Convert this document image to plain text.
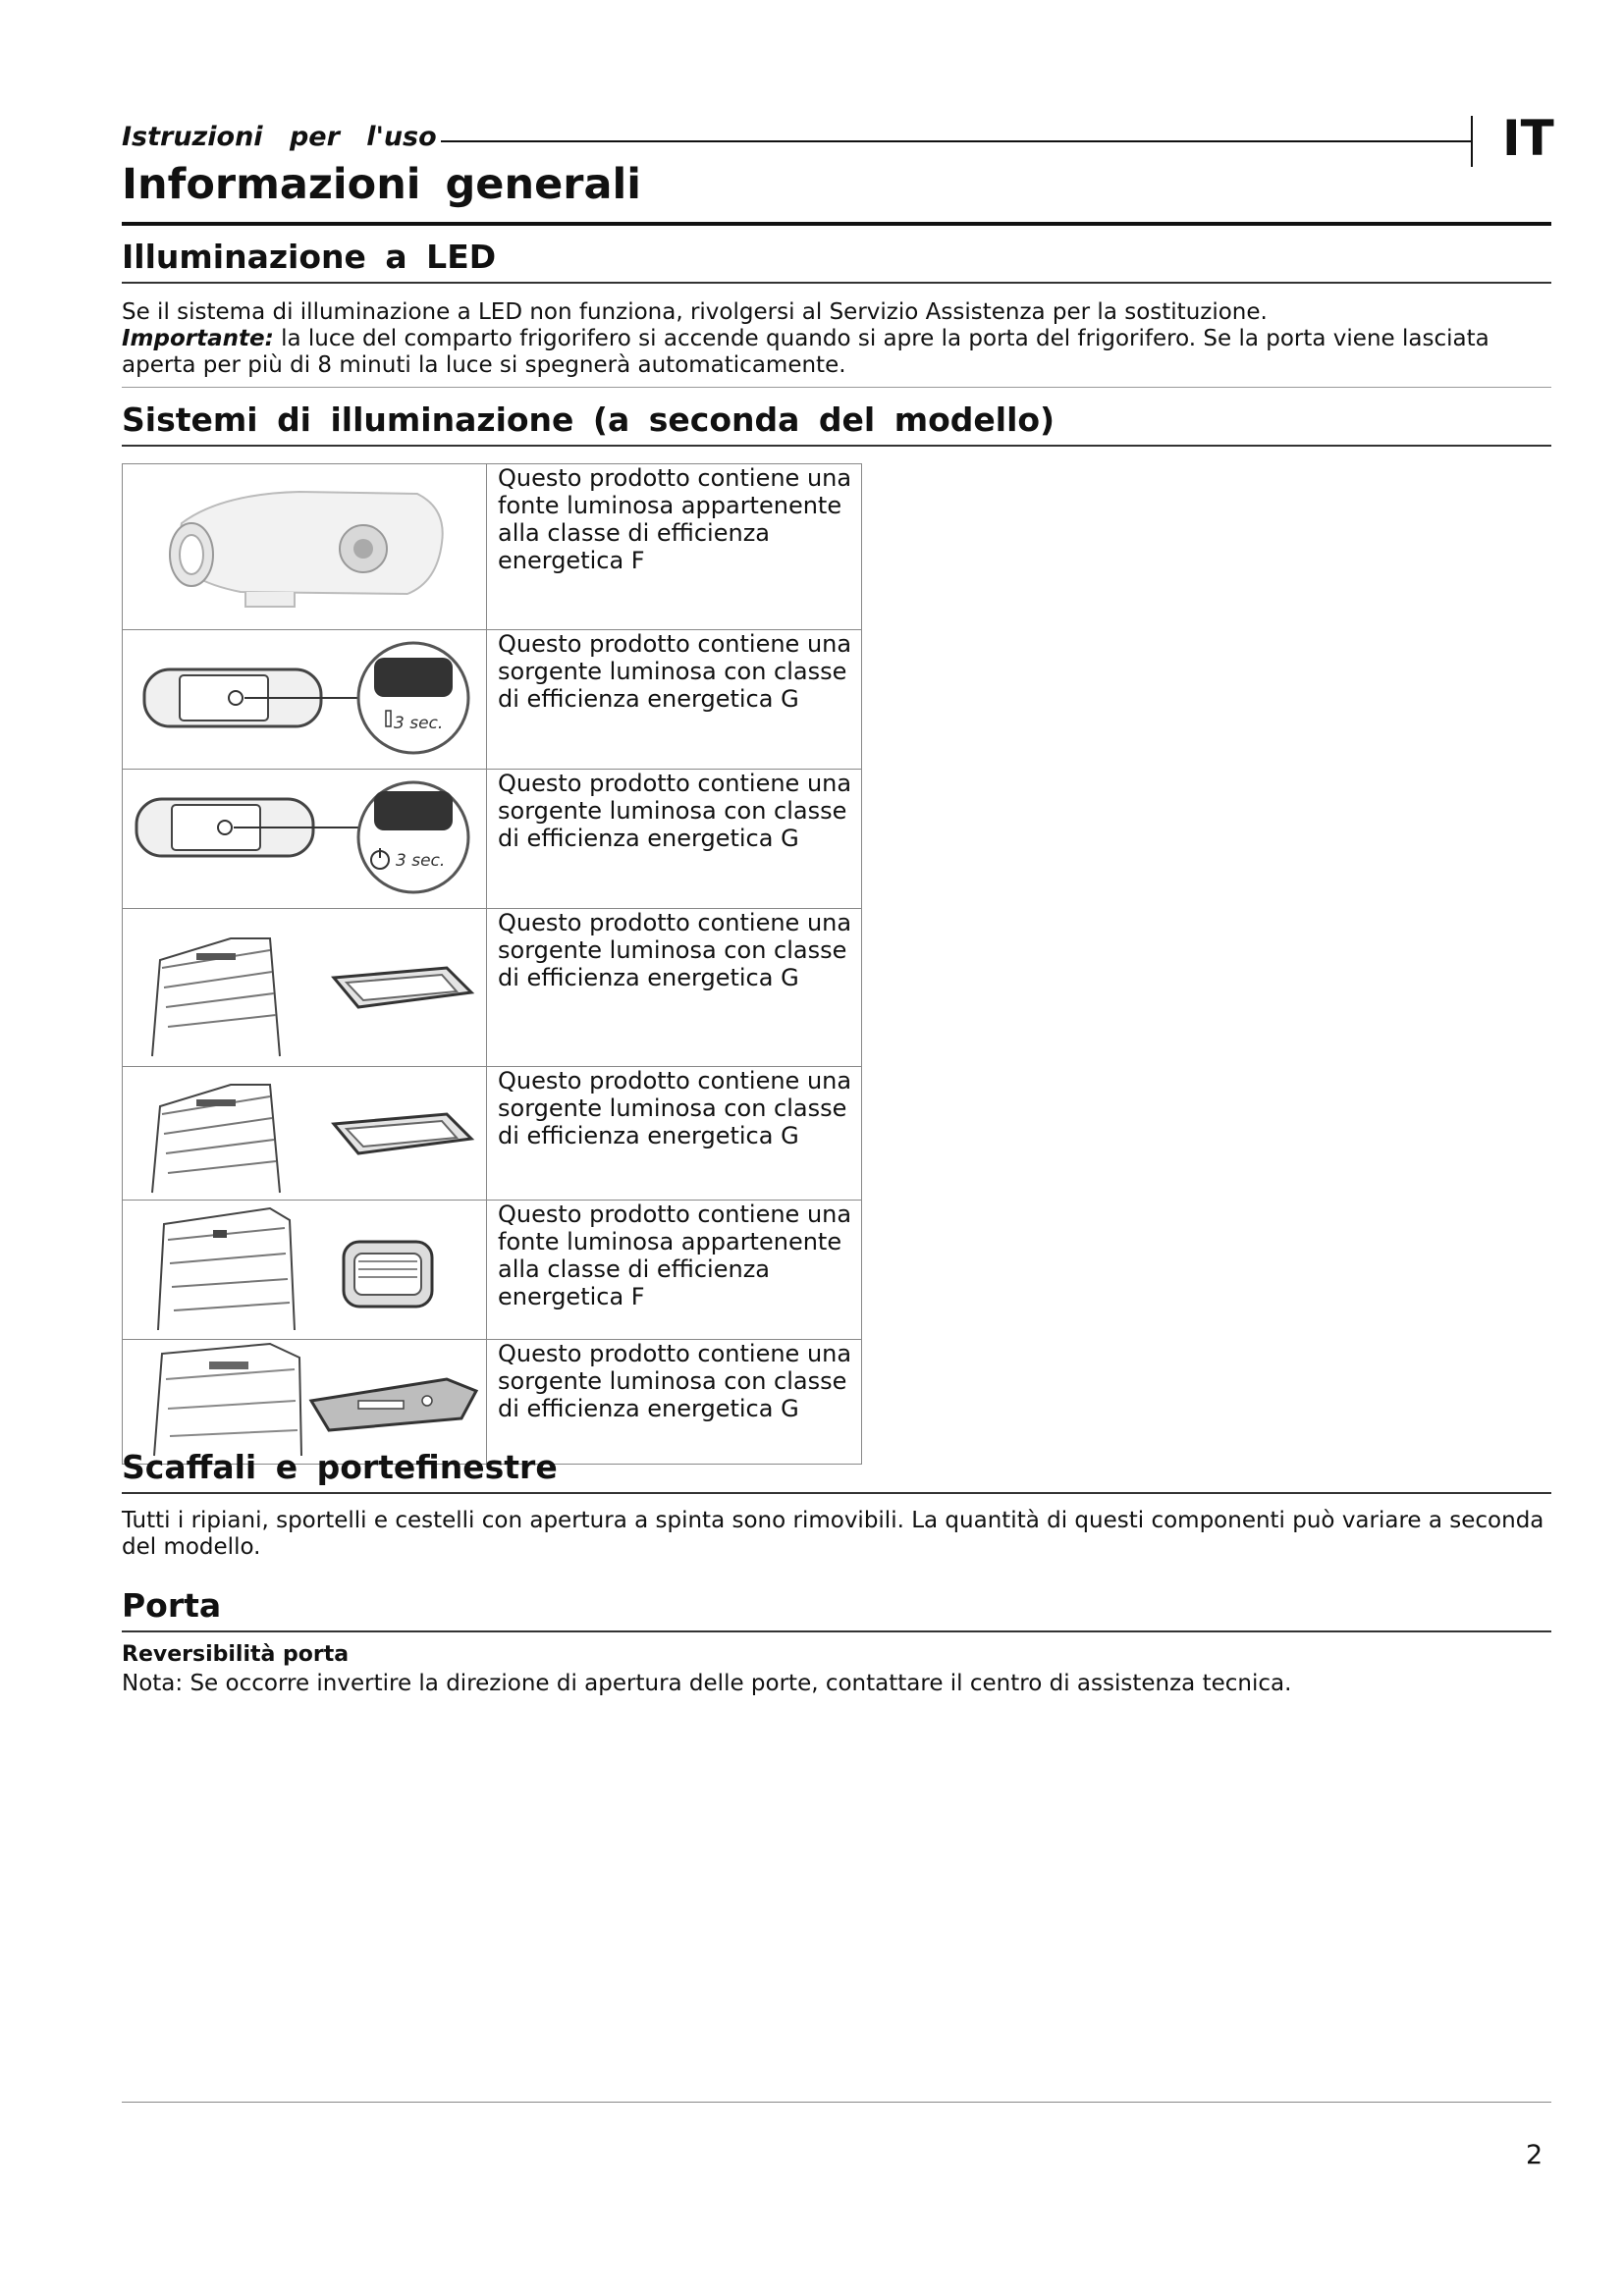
Istruzioni per l'uso	IT
Informazioni generali
Illuminazione a LED

Se il sistema di illuminazione a LED non funziona, rivolgersi al Servizio Assistenza per la sostituzione.

Importante: la luce del comparto frigorifero si accende quando si apre la porta del frigorifero. Se la porta viene lasciata aperta per più di 8 minuti la luce si spegnerà automaticamente.

Sistemi di illuminazione (a seconda del modello)
	Questo prodotto contiene una fonte luminosa appartenente alla classe di efficienza energetica F

3 sec.	Questo prodotto contiene una sorgente luminosa con classe di efficienza energetica G

3 sec.	Questo prodotto contiene una sorgente luminosa con classe di efficienza energetica G
	Questo prodotto contiene una sorgente luminosa con classe di efficienza energetica G
	Questo prodotto contiene una sorgente luminosa con classe di efficienza energetica G
	Questo prodotto contiene una fonte luminosa appartenente alla classe di efficienza energetica F
	Questo prodotto contiene una sorgente luminosa con classe di efficienza energetica G
Scaffali e portefinestre

Tutti i ripiani, sportelli e cestelli con apertura a spinta sono rimovibili. La quantità di questi componenti può variare a seconda del modello.

Porta
Reversibilità porta

Nota: Se occorre invertire la direzione di apertura delle porte, contattare il centro di assistenza tecnica.

2
